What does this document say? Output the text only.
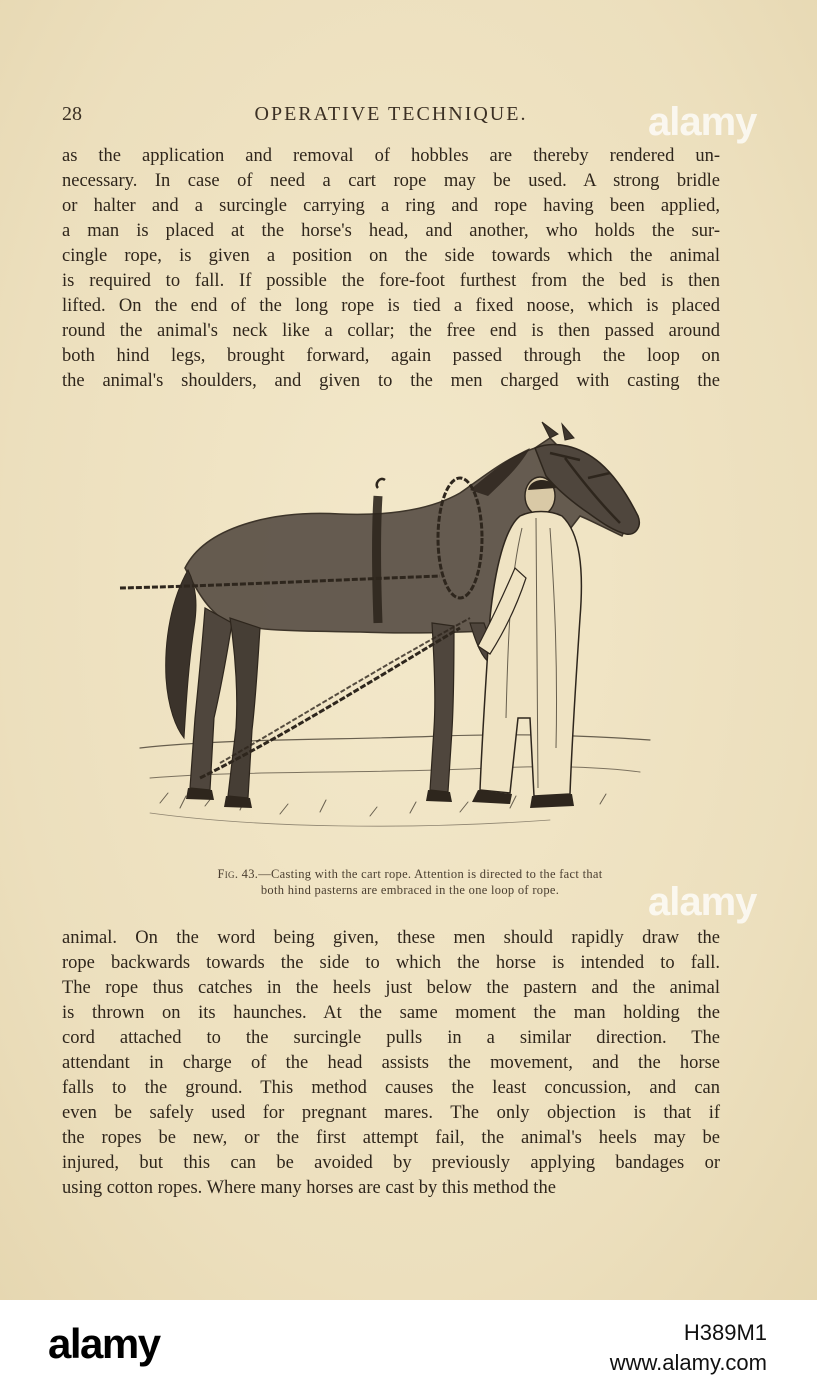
28	OPERATIVE TECHNIQUE.
as the application and removal of hobbles are thereby rendered un-
necessary. In case of need a cart rope may be used. A strong bridle
or halter and a surcingle carrying a ring and rope having been applied,
a man is placed at the horse's head, and another, who holds the sur-
cingle rope, is given a position on the side towards which the animal
is required to fall. If possible the fore-foot furthest from the bed is then
lifted. On the end of the long rope is tied a fixed noose, which is placed
round the animal's neck like a collar; the free end is then passed around
both hind legs, brought forward, again passed through the loop on
the animal's shoulders, and given to the men charged with casting the
Fig. 43.—Casting with the cart rope. Attention is directed to the fact that
both hind pasterns are embraced in the one loop of rope.
animal. On the word being given, these men should rapidly draw the
rope backwards towards the side to which the horse is intended to fall.
The rope thus catches in the heels just below the pastern and the animal
is thrown on its haunches. At the same moment the man holding the
cord attached to the surcingle pulls in a similar direction. The
attendant in charge of the head assists the movement, and the horse
falls to the ground. This method causes the least concussion, and can
even be safely used for pregnant mares. The only objection is that if
the ropes be new, or the first attempt fail, the animal's heels may be
injured, but this can be avoided by previously applying bandages or
using cotton ropes. Where many horses are cast by this method the
alamy
alamy
alamy	H389M1
www.alamy.com
